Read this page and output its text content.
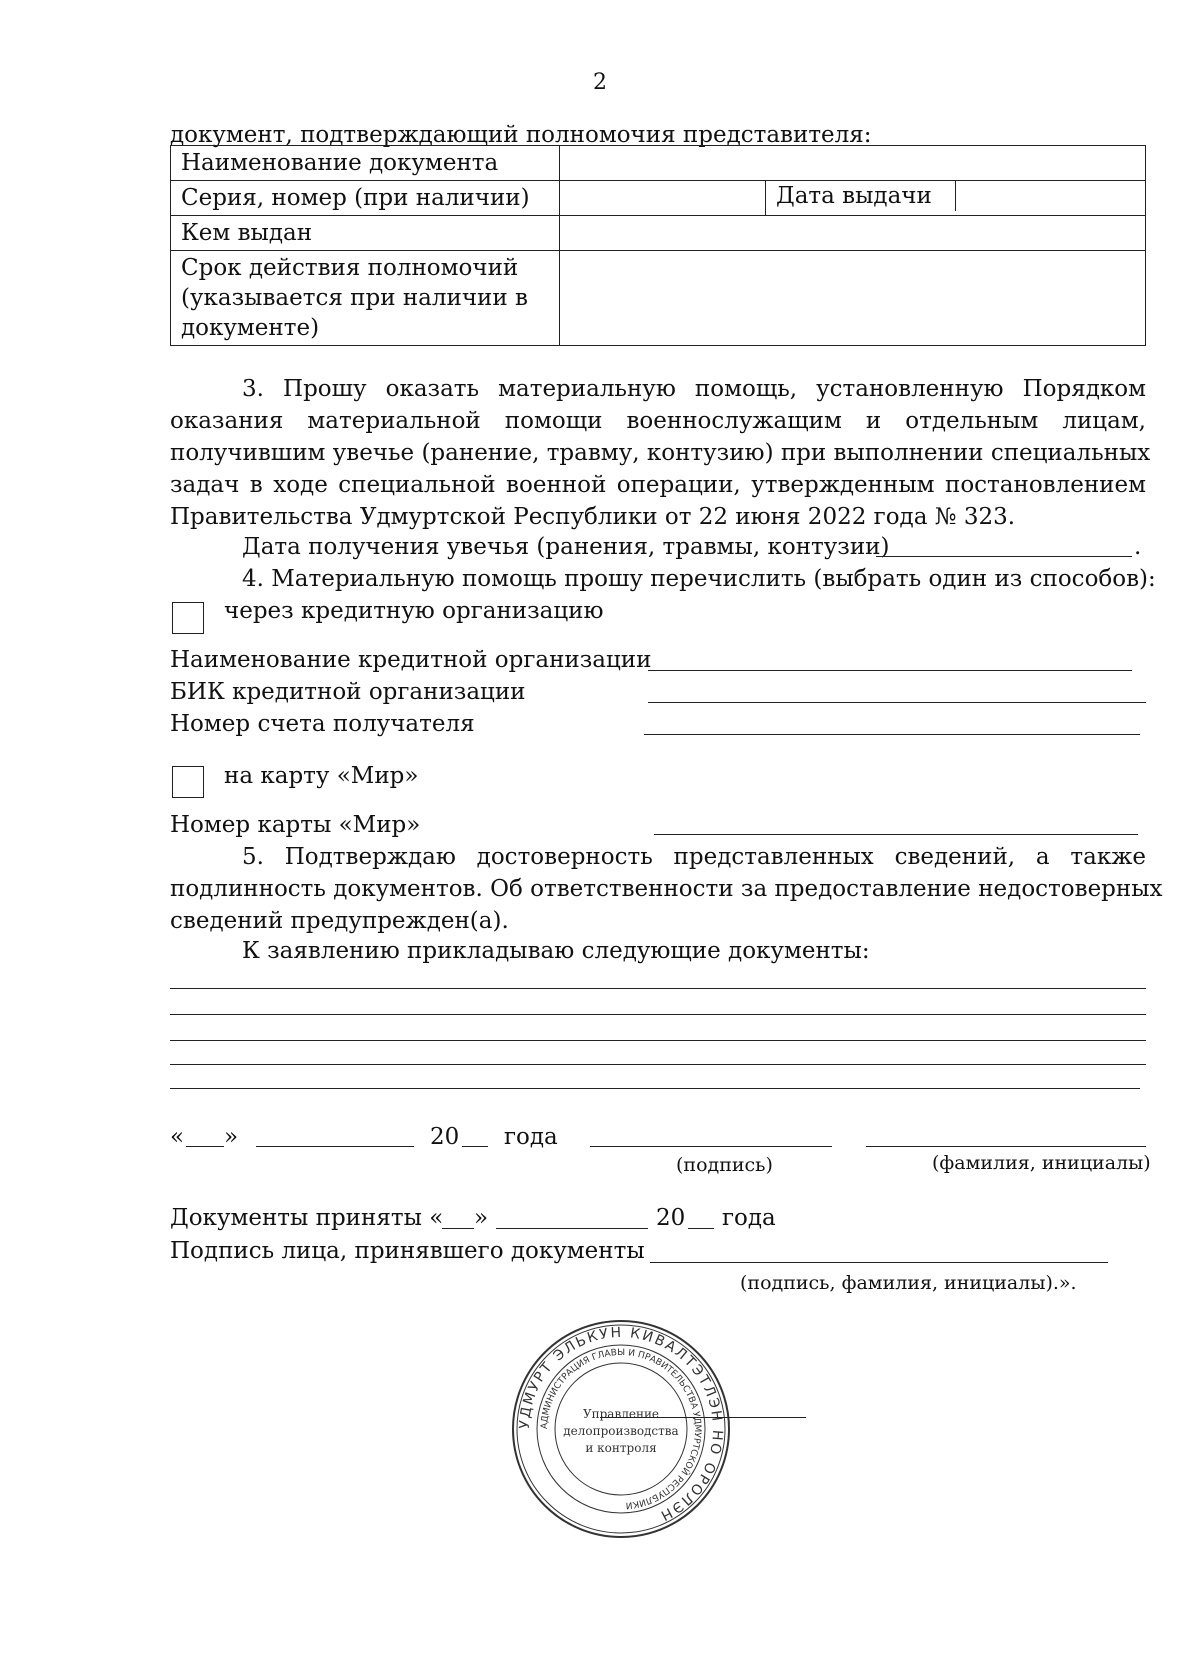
2
документ, подтверждающий полномочия представителя:
Наименование документа		
Серия, номер (при наличии)		Дата выдачи

Кем выдан		

Срок действия полномочий
(указывается при наличии в
документе)		

3. Прошу оказать материальную помощь, установленную Порядком
оказания материальной помощи военнослужащим и отдельным лицам,
получившим увечье (ранение, травму, контузию) при выполнении специальных
задач в ходе специальной военной операции, утвержденным постановлением
Правительства Удмуртской Республики от 22 июня 2022 года № 323.
Дата получения увечья (ранения, травмы, контузии)	.
4. Материальную помощь прошу перечислить (выбрать один из способов):
через кредитную организацию
Наименование кредитной организации
БИК кредитной организации
Номер счета получателя
на карту «Мир»
Номер карты «Мир»
5. Подтверждаю достоверность представленных сведений, а также
подлинность документов. Об ответственности за предоставление недостоверных
сведений предупрежден(а).
К заявлению прикладываю следующие документы:
« »	20 года
(подпись)	(фамилия, инициалы)
Документы приняты « »	20 года
Подпись лица, принявшего документы
(подпись, фамилия, инициалы).».
УДМУРТ ЭЛЬКУН КИВАЛТЭТЛЭН НО ОРОЛЭН
АДМИНИСТРАЦИЯ ГЛАВЫ И ПРАВИТЕЛЬСТВА УДМУРТСКОЙ РЕСПУБЛИКИ
Управление
делопроизводства
и контроля
